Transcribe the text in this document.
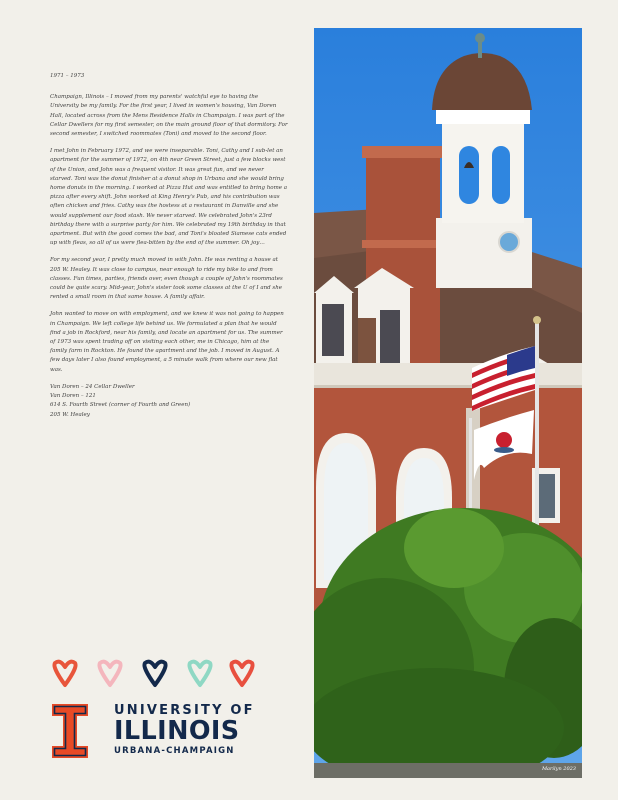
1971 – 1973

Champaign, Illinois – I moved from my parents' watchful eye to having the University be my family. For the first year, I lived in women's housing, Van Doren Hall, located across from the Mens Residence Halls in Champaign. I was part of the Cellar Dwellers for my first semester, on the main ground floor of that dormitory. For second semester, I switched roommates (Toni) and moved to the second floor.

I met John in February 1972, and we were inseparable. Toni, Cathy and I sub-let an apartment for the summer of 1972, on 4th near Green Street, just a few blocks west of the Union, and John was a frequent visitor. It was great fun, and we never starved. Toni was the donut finisher at a donut shop in Urbana and she would bring home donuts in the morning. I worked at Pizza Hut and was entitled to bring home a pizza after every shift. John worked at King Henry's Pub, and his contribution was often chicken and fries. Cathy was the hostess at a restaurant in Danville and she would supplement our food stash. We never starved. We celebrated John's 23rd birthday there with a surprise party for him. We celebrated my 19th birthday in that apartment. But with the good comes the bad, and Toni's bloated Siamese cats ended up with fleas, so all of us were flea-bitten by the end of the summer. Oh joy…

For my second year, I pretty much moved in with John. He was renting a house at 205 W. Healey. It was close to campus, near enough to ride my bike to and from classes. Fun times, parties, friends over, even though a couple of John's roommates could be quite scary. Mid-year, John's sister took some classes at the U of I and she rented a small room in that same house. A family affair.

John wanted to move on with employment, and we knew it was not going to happen in Champaign. We left college life behind us. We formulated a plan that he would find a job in Rockford, near his family, and locate an apartment for us. The summer of 1973 was spent trading off on visiting each other, me in Chicago, him at the family farm in Rockton. He found the apartment and the job. I moved in August. A few days later I also found employment, a 5 minute walk from where our new flat was.

Van Doren – 24 Cellar Dweller
Van Doren – 121
614 S. Fourth Street (corner of Fourth and Green)
205 W. Healey
UNIVERSITY OF
ILLINOIS
URBANA-CHAMPAIGN
Marilyn 2023
